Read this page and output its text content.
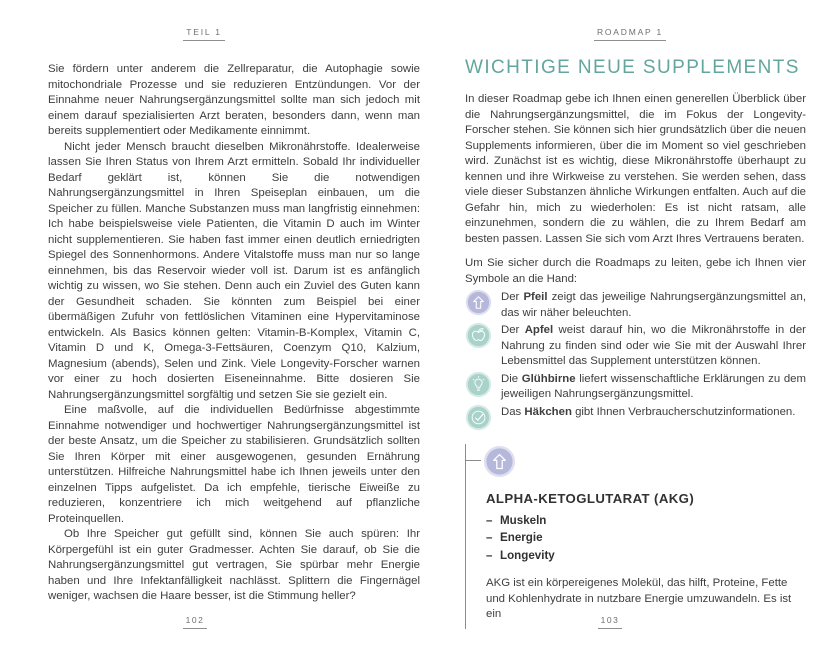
TEIL 1

Sie fördern unter anderem die Zellreparatur, die Autophagie sowie mitochondriale Prozesse und sie reduzieren Entzündungen. Vor der Einnahme neuer Nahrungsergänzungsmittel sollte man sich jedoch mit einem darauf spezialisierten Arzt beraten, besonders dann, wenn man bereits supplementiert oder Medikamente einnimmt.

Nicht jeder Mensch braucht dieselben Mikronährstoffe. Idealerweise lassen Sie Ihren Status von Ihrem Arzt ermitteln. Sobald Ihr individueller Bedarf geklärt ist, können Sie die notwendigen Nahrungsergänzungsmittel in Ihren Speiseplan einbauen, um die Speicher zu füllen. Manche Substanzen muss man langfristig einnehmen: Ich habe beispielsweise viele Patienten, die Vitamin D auch im Winter nicht supplementieren. Sie haben fast immer einen deutlich erniedrigten Spiegel des Sonnenhormons. Andere Vitalstoffe muss man nur so lange einnehmen, bis das Reservoir wieder voll ist. Darum ist es anfänglich wichtig zu wissen, wo Sie stehen. Denn auch ein Zuviel des Guten kann der Gesundheit schaden. Sie könnten zum Beispiel bei einer übermäßigen Zufuhr von fettlöslichen Vitaminen eine Hypervitaminose entwickeln. Als Basics können gelten: Vitamin-B-Komplex, Vitamin C, Vitamin D und K, Omega-3-Fettsäuren, Coenzym Q10, Kalzium, Magnesium (abends), Selen und Zink. Viele Longevity-Forscher warnen vor einer zu hoch dosierten Eiseneinnahme. Bitte dosieren Sie Nahrungsergänzungsmittel sorgfältig und setzen Sie sie gezielt ein.

Eine maßvolle, auf die individuellen Bedürfnisse abgestimmte Einnahme notwendiger und hochwertiger Nahrungsergänzungsmittel ist der beste Ansatz, um die Speicher zu stabilisieren. Grundsätzlich sollten Sie Ihren Körper mit einer ausgewogenen, gesunden Ernährung unterstützen. Hilfreiche Nahrungsmittel habe ich Ihnen jeweils unter den einzelnen Tipps aufgelistet. Da ich empfehle, tierische Eiweiße zu reduzieren, konzentriere ich mich weitgehend auf pflanzliche Proteinquellen.

Ob Ihre Speicher gut gefüllt sind, können Sie auch spüren: Ihr Körpergefühl ist ein guter Gradmesser. Achten Sie darauf, ob Sie die Nahrungsergänzungsmittel gut vertragen, Sie spürbar mehr Energie haben und Ihre Infektanfälligkeit nachlässt. Splittern die Fingernägel weniger, wachsen die Haare besser, ist die Stimmung heller?

102
ROADMAP 1
WICHTIGE NEUE SUPPLEMENTS

In dieser Roadmap gebe ich Ihnen einen generellen Überblick über die Nahrungsergänzungsmittel, die im Fokus der Longevity-Forscher stehen. Sie können sich hier grundsätzlich über die neuen Supplements informieren, über die im Moment so viel geschrieben wird. Zunächst ist es wichtig, diese Mikronährstoffe überhaupt zu kennen und ihre Wirkweise zu verstehen. Sie werden sehen, dass viele dieser Substanzen ähnliche Wirkungen entfalten. Auch auf die Gefahr hin, mich zu wiederholen: Es ist nicht ratsam, alle einzunehmen, sondern die zu wählen, die zu Ihrem Bedarf am besten passen. Lassen Sie sich vom Arzt Ihres Vertrauens beraten.

Um Sie sicher durch die Roadmaps zu leiten, gebe ich Ihnen vier Symbole an die Hand:

Der Pfeil zeigt das jeweilige Nahrungsergänzungsmittel an, das wir näher beleuchten.

Der Apfel weist darauf hin, wo die Mikronährstoffe in der Nahrung zu finden sind oder wie Sie mit der Auswahl Ihrer Lebensmittel das Supplement unterstützen können.

Die Glühbirne liefert wissenschaftliche Erklärungen zu dem jeweiligen Nahrungsergänzungsmittel.

Das Häkchen gibt Ihnen Verbraucherschutzinformationen.

ALPHA-KETOGLUTARAT (AKG)
– Muskeln
– Energie
– Longevity

AKG ist ein körpereigenes Molekül, das hilft, Proteine, Fette und Kohlenhydrate in nutzbare Energie umzuwandeln. Es ist ein	103
